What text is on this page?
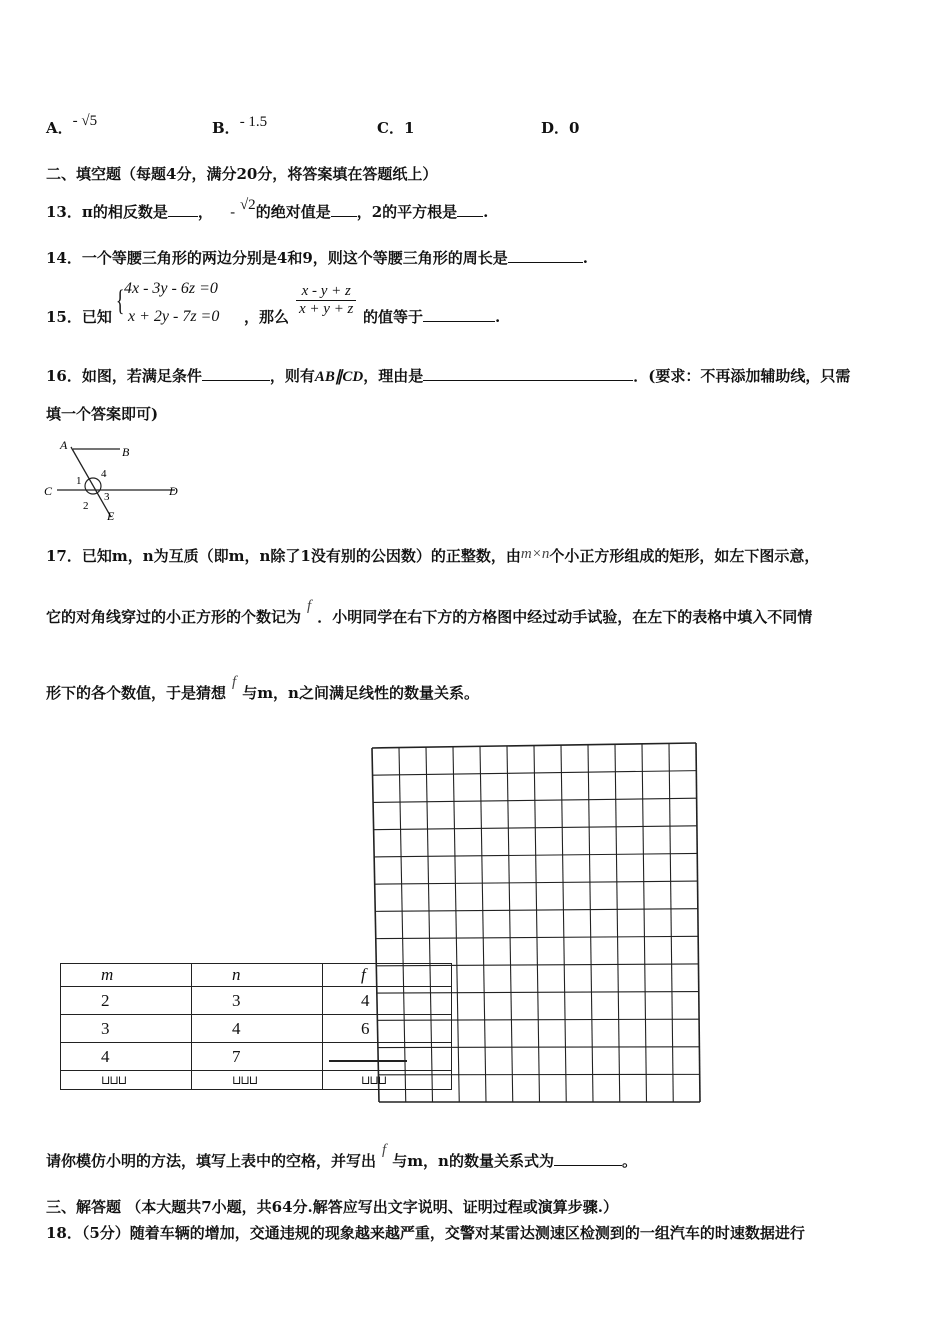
A．- √5	B．- 1.5	C．1	D．0
二、填空题（每题4分，满分20分，将答案填在答题纸上）
13．π的相反数是 ， - √2的绝对值是 ，2的平方根是 .
14．一个等腰三角形的两边分别是4和9，则这个等腰三角形的周长是	.
15．已知 { 4x - 3y - 6z =0
x + 2y - 7z =0 ，那么 $\frac{x - y + z}{x + y + z}$ 的值等于	.
16．如图，若满足条件	，则有AB∥CD，理由是	．(要求：不再添加辅助线，只需
填一个答案即可)
A	B
C	D
E
1
2
3
4
17．已知m，n为互质（即m，n除了1没有别的公因数）的正整数，由m×n个小正方形组成的矩形，如左下图示意，
它的对角线穿过的小正方形的个数记为f．小明同学在右下方的方格图中经过动手试验，在左下的表格中填入不同情
形下的各个数值，于是猜想f与m，n之间满足线性的数量关系。
m	n	f
2	3	4
3	4	6
4	7	
⊔⊔⊔	⊔⊔⊔	⊔⊔⊔
请你模仿小明的方法，填写上表中的空格，并写出f与m，n的数量关系式为	。
三、解答题 （本大题共7小题，共64分.解答应写出文字说明、证明过程或演算步骤.）
18．（5分）随着车辆的增加，交通违规的现象越来越严重，交警对某雷达测速区检测到的一组汽车的时速数据进行
